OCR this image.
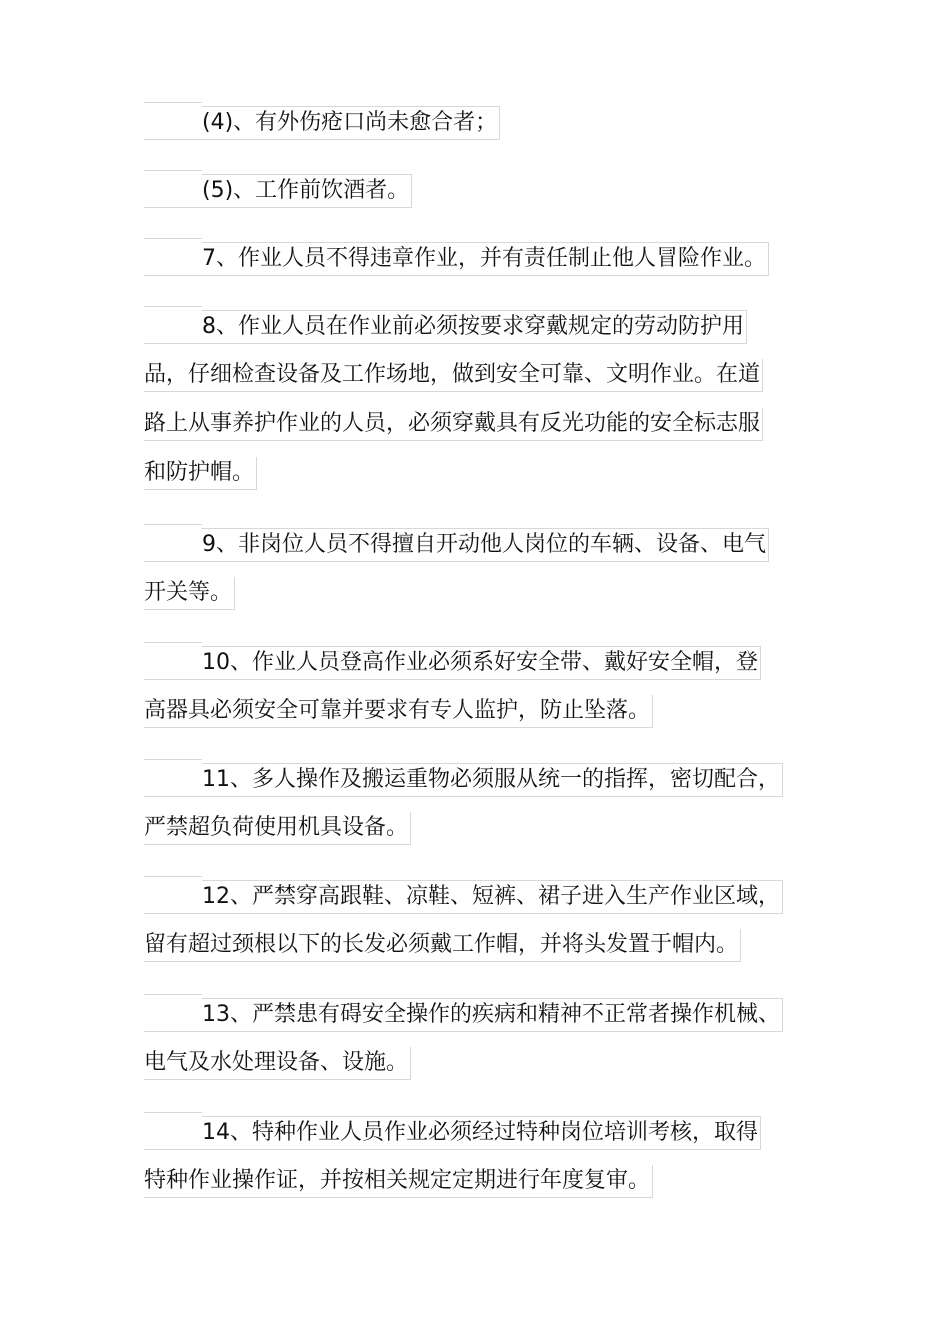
(4)、有外伤疮口尚未愈合者；
(5)、工作前饮酒者。
7、作业人员不得违章作业，并有责任制止他人冒险作业。
8、作业人员在作业前必须按要求穿戴规定的劳动防护用
品，仔细检查设备及工作场地，做到安全可靠、文明作业。在道
路上从事养护作业的人员，必须穿戴具有反光功能的安全标志服
和防护帽。
9、非岗位人员不得擅自开动他人岗位的车辆、设备、电气
开关等。
10、作业人员登高作业必须系好安全带、戴好安全帽，登
高器具必须安全可靠并要求有专人监护，防止坠落。
11、多人操作及搬运重物必须服从统一的指挥，密切配合，
严禁超负荷使用机具设备。
12、严禁穿高跟鞋、凉鞋、短裤、裙子进入生产作业区域，
留有超过颈根以下的长发必须戴工作帽，并将头发置于帽内。
13、严禁患有碍安全操作的疾病和精神不正常者操作机械、
电气及水处理设备、设施。
14、特种作业人员作业必须经过特种岗位培训考核，取得
特种作业操作证，并按相关规定定期进行年度复审。
